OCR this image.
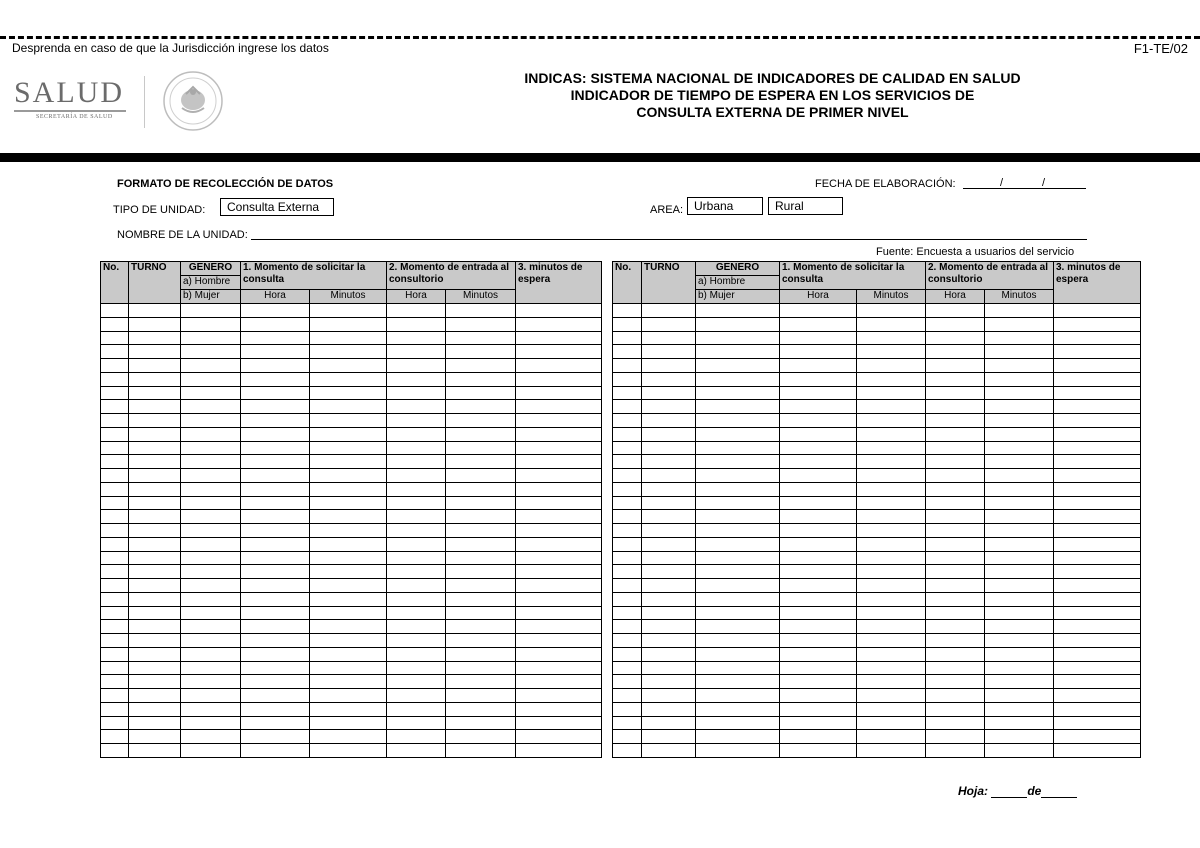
Desprenda en caso de que la Jurisdicción ingrese los datos	F1-TE/02
SALUD
SECRETARÍA DE SALUD
INDICAS: SISTEMA NACIONAL DE INDICADORES DE CALIDAD EN SALUD
INDICADOR DE TIEMPO DE ESPERA EN LOS SERVICIOS DE
CONSULTA EXTERNA DE PRIMER NIVEL
FORMATO DE RECOLECCIÓN DE DATOS	FECHA DE ELABORACIÓN:	/	/
TIPO DE UNIDAD:	Consulta Externa	AREA: Urbana	Rural
NOMBRE DE LA UNIDAD:
Fuente: Encuesta a usuarios del servicio
No.	TURNO	GENERO	1. Momento de solicitar la consulta		2. Momento de entrada al consultorio		3. minutos de espera
		a) Hombre					
		b) Mujer	Hora	Minutos	Hora	Minutos	

No.	TURNO	GENERO	1. Momento de solicitar la consulta		2. Momento de entrada al consultorio		3. minutos de espera
		a) Hombre					
		b) Mujer	Hora	Minutos	Hora	Minutos	

Hoja:	de
